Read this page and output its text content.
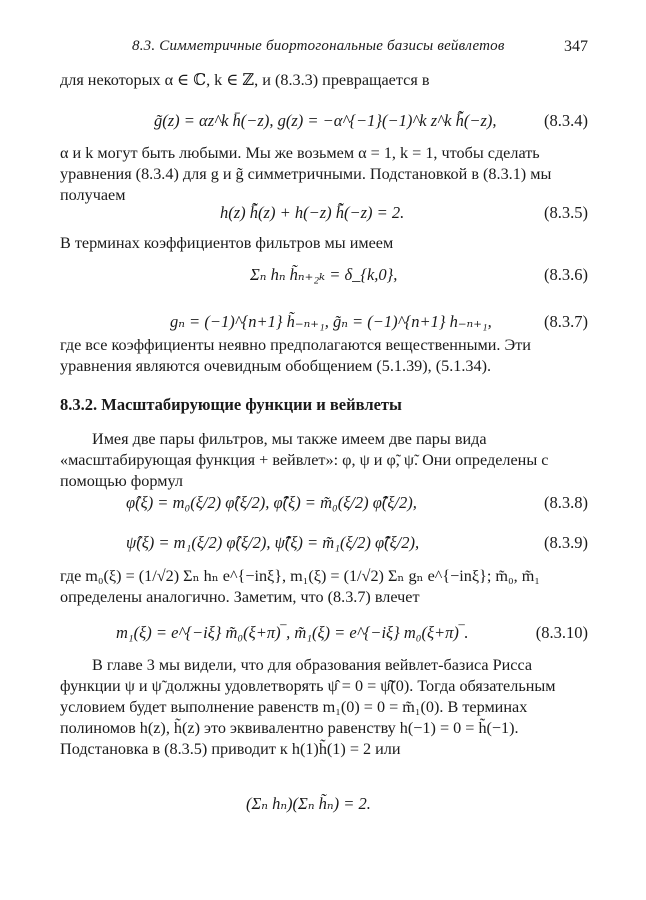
8.3. Симметричные биортогональные базисы вейвлетов	347
для некоторых α ∈ ℂ, k ∈ ℤ, и (8.3.3) превращается в
g̃(z) = αz^k h̄(−z), g(z) = −α^{−1}(−1)^k z^k h̃̄(−z),	(8.3.4)
α и k могут быть любыми. Мы же возьмем α = 1, k = 1, чтобы сделать уравнения (8.3.4) для g и g̃ симметричными. Подстановкой в (8.3.1) мы получаем
h(z) h̃̄(z) + h(−z) h̃̄(−z) = 2.	(8.3.5)
В терминах коэффициентов фильтров мы имеем
Σₙ hₙ h̃ₙ₊₂ₖ = δ_{k,0},	(8.3.6)
gₙ = (−1)^{n+1} h̃₋ₙ₊₁, g̃ₙ = (−1)^{n+1} h₋ₙ₊₁,	(8.3.7)
где все коэффициенты неявно предполагаются вещественными. Эти уравнения являются очевидным обобщением (5.1.39), (5.1.34).
8.3.2. Масштабирующие функции и вейвлеты
Имея две пары фильтров, мы также имеем две пары вида «масштабирующая функция + вейвлет»: φ, ψ и φ̃, ψ̃. Они определены с помощью формул
φ̂(ξ) = m₀(ξ/2) φ̂(ξ/2), φ̃̂(ξ) = m̃₀(ξ/2) φ̃̂(ξ/2),	(8.3.8)
ψ̂(ξ) = m₁(ξ/2) φ̂(ξ/2), ψ̃̂(ξ) = m̃₁(ξ/2) φ̃̂(ξ/2),	(8.3.9)
где m₀(ξ) = (1/√2) Σₙ hₙ e^{−inξ}, m₁(ξ) = (1/√2) Σₙ gₙ e^{−inξ}; m̃₀, m̃₁ определены аналогично. Заметим, что (8.3.7) влечет
m₁(ξ) = e^{−iξ} m̃₀(ξ+π)‾, m̃₁(ξ) = e^{−iξ} m₀(ξ+π)‾.	(8.3.10)
В главе 3 мы видели, что для образования вейвлет-базиса Рисса функции ψ и ψ̃ должны удовлетворять ψ̂ = 0 = ψ̃̂(0). Тогда обязательным условием будет выполнение равенств m₁(0) = 0 = m̃₁(0). В терминах полиномов h(z), h̃(z) это эквивалентно равенству h(−1) = 0 = h̃(−1). Подстановка в (8.3.5) приводит к h(1)h̃(1) = 2 или
(Σₙ hₙ)(Σₙ h̃ₙ) = 2.
